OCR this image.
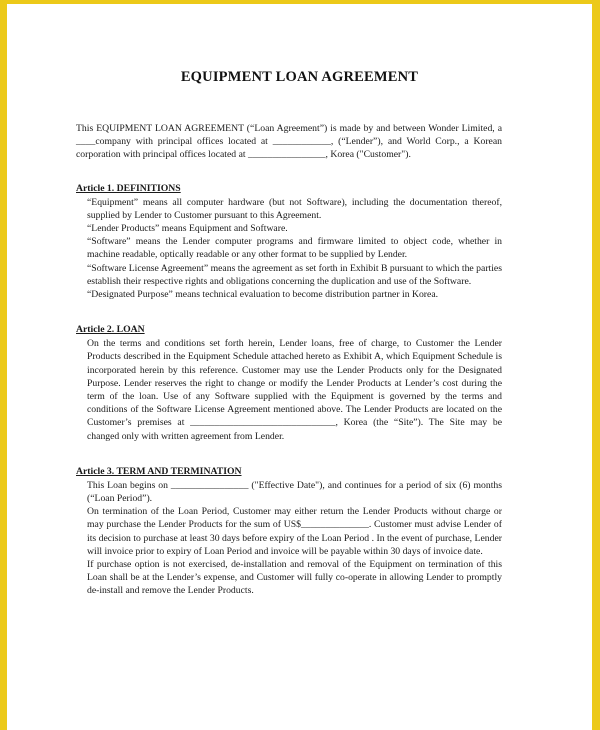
EQUIPMENT LOAN AGREEMENT

This EQUIPMENT LOAN AGREEMENT (“Loan Agreement”) is made by and between Wonder Limited, a ____company with principal offices located at ____________, (“Lender”), and World Corp., a Korean corporation with principal offices located at ________________, Korea ("Customer").

Article 1. DEFINITIONS

“Equipment” means all computer hardware (but not Software), including the documentation thereof, supplied by Lender to Customer pursuant to this Agreement.

“Lender Products” means Equipment and Software.

“Software” means the Lender computer programs and firmware limited to object code, whether in machine readable, optically readable or any other format to be supplied by Lender.

“Software License Agreement” means the agreement as set forth in Exhibit B pursuant to which the parties establish their respective rights and obligations concerning the duplication and use of the Software.

“Designated Purpose” means technical evaluation to become distribution partner in Korea.

Article 2. LOAN

On the terms and conditions set forth herein, Lender loans, free of charge, to Customer the Lender Products described in the Equipment Schedule attached hereto as Exhibit A, which Equipment Schedule is incorporated herein by this reference. Customer may use the Lender Products only for the Designated Purpose. Lender reserves the right to change or modify the Lender Products at Lender’s cost during the term of the loan. Use of any Software supplied with the Equipment is governed by the terms and conditions of the Software License Agreement mentioned above. The Lender Products are located on the Customer’s premises at ______________________________, Korea (the “Site”). The Site may be changed only with written agreement from Lender.

Article 3. TERM AND TERMINATION

This Loan begins on ________________ ("Effective Date"), and continues for a period of six (6) months (“Loan Period”).

On termination of the Loan Period, Customer may either return the Lender Products without charge or may purchase the Lender Products for the sum of US$______________. Customer must advise Lender of its decision to purchase at least 30 days before expiry of the Loan Period . In the event of purchase, Lender will invoice prior to expiry of Loan Period and invoice will be payable within 30 days of invoice date.

If purchase option is not exercised, de-installation and removal of the Equipment on termination of this Loan shall be at the Lender’s expense, and Customer will fully co-operate in allowing Lender to promptly de-install and remove the Lender Products.
